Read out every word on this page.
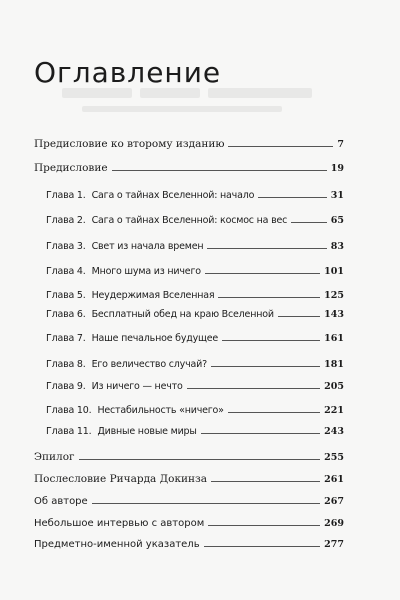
Оглавление
Предисловие ко второму изданию	7
Предисловие	19
Глава 1. Сага о тайнах Вселенной: начало	31
Глава 2. Сага о тайнах Вселенной: космос на вес	65
Глава 3. Свет из начала времен	83
Глава 4. Много шума из ничего	101
Глава 5. Неудержимая Вселенная	125
Глава 6. Бесплатный обед на краю Вселенной	143
Глава 7. Наше печальное будущее	161
Глава 8. Его величество случай?	181
Глава 9. Из ничего — нечто	205
Глава 10. Нестабильность «ничего»	221
Глава 11. Дивные новые миры	243
Эпилог	255
Послесловие Ричарда Докинза	261
Об авторе	267
Небольшое интервью с автором	269
Предметно-именной указатель	277
